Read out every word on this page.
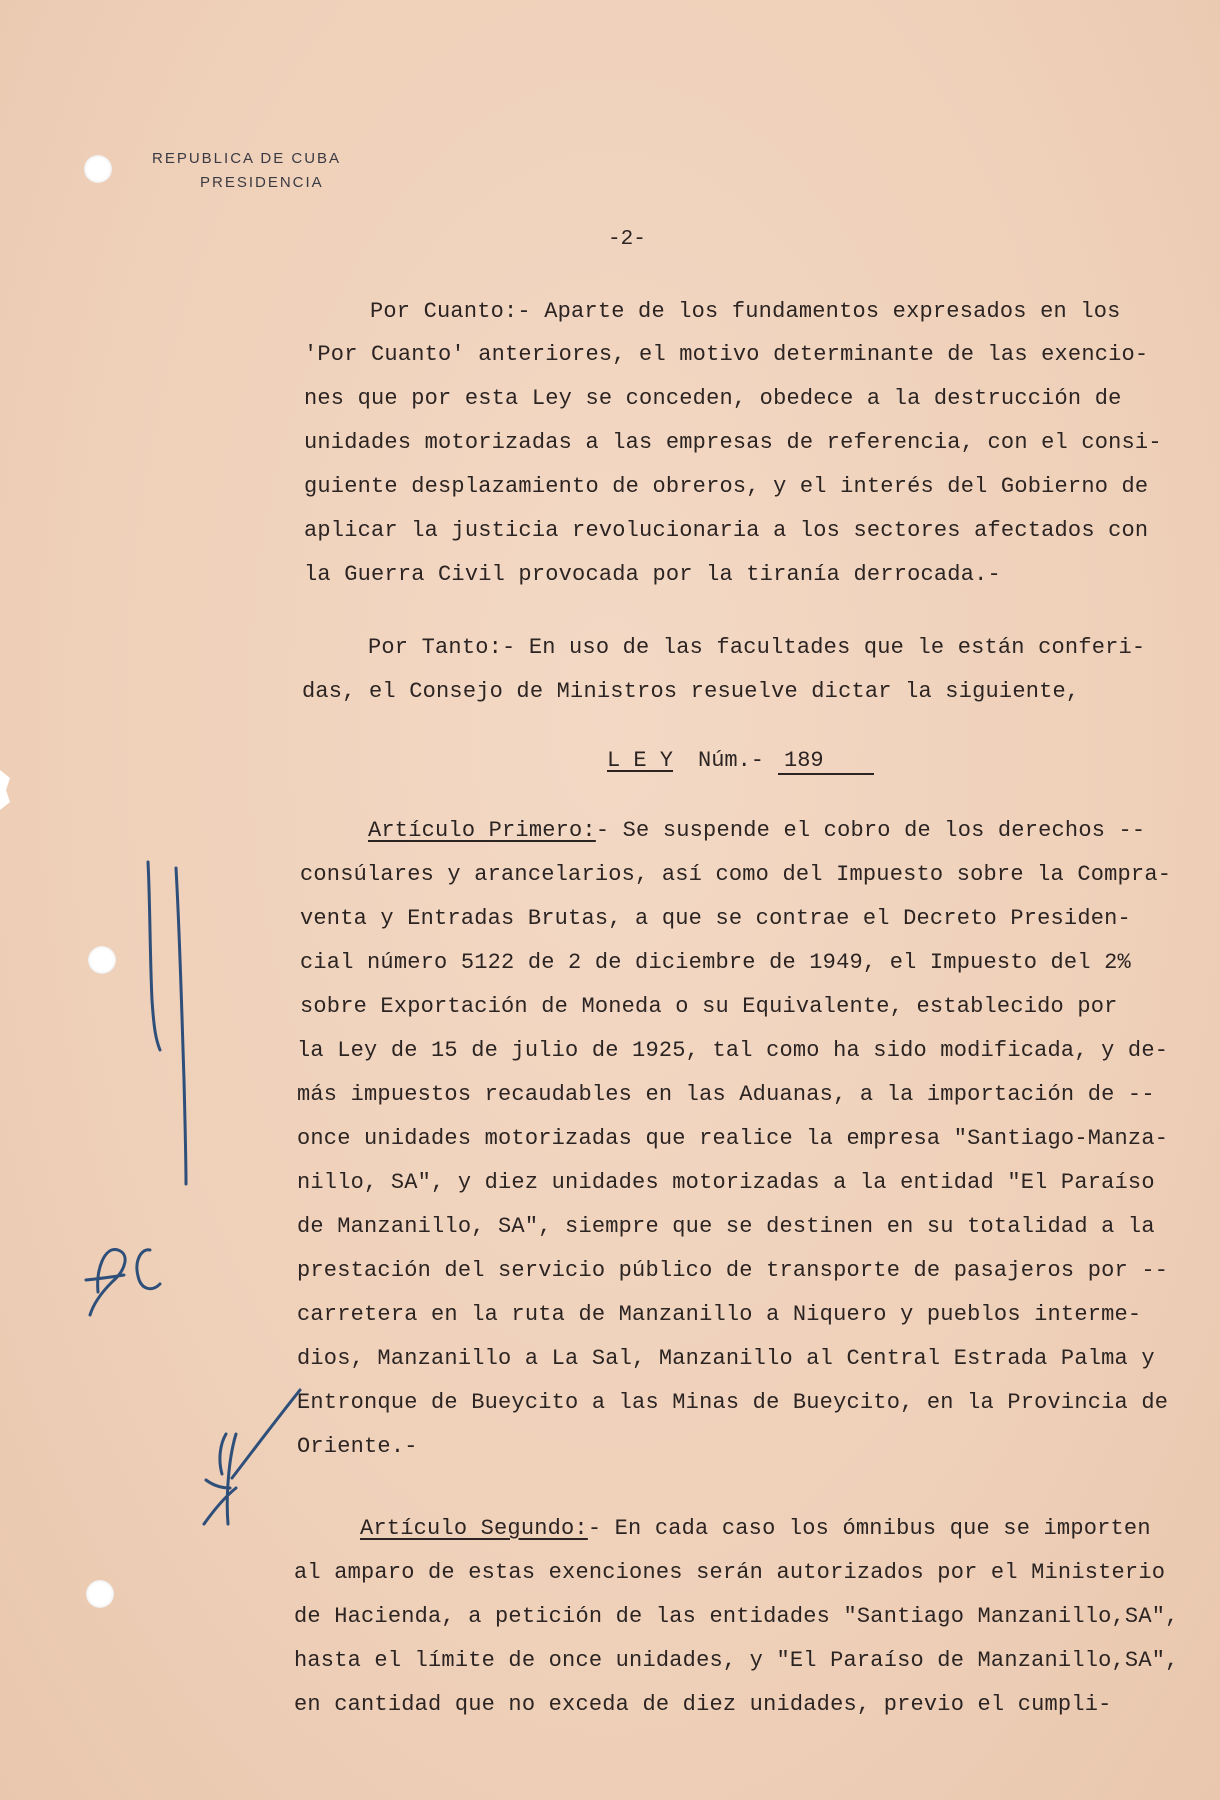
REPUBLICA DE CUBA
PRESIDENCIA
-2-
Por Cuanto:- Aparte de los fundamentos expresados en los
'Por Cuanto' anteriores, el motivo determinante de las exencio-
nes que por esta Ley se conceden, obedece a la destrucción de
unidades motorizadas a las empresas de referencia, con el consi-
guiente desplazamiento de obreros, y el interés del Gobierno de
aplicar la justicia revolucionaria a los sectores afectados con
la Guerra Civil provocada por la tiranía derrocada.-
Por Tanto:- En uso de las facultades que le están conferi-
das, el Consejo de Ministros resuelve dictar la siguiente,
L E Y Núm.- 189
Artículo Primero:- Se suspende el cobro de los derechos --
consúlares y arancelarios, así como del Impuesto sobre la Compra-
venta y Entradas Brutas, a que se contrae el Decreto Presiden-
cial número 5122 de 2 de diciembre de 1949, el Impuesto del 2%
sobre Exportación de Moneda o su Equivalente, establecido por
la Ley de 15 de julio de 1925, tal como ha sido modificada, y de-
más impuestos recaudables en las Aduanas, a la importación de --
once unidades motorizadas que realice la empresa "Santiago-Manza-
nillo, SA", y diez unidades motorizadas a la entidad "El Paraíso
de Manzanillo, SA", siempre que se destinen en su totalidad a la
prestación del servicio público de transporte de pasajeros por --
carretera en la ruta de Manzanillo a Niquero y pueblos interme-
dios, Manzanillo a La Sal, Manzanillo al Central Estrada Palma y
Entronque de Bueycito a las Minas de Bueycito, en la Provincia de
Oriente.-
Artículo Segundo:- En cada caso los ómnibus que se importen
al amparo de estas exenciones serán autorizados por el Ministerio
de Hacienda, a petición de las entidades "Santiago Manzanillo,SA",
hasta el límite de once unidades, y "El Paraíso de Manzanillo,SA",
en cantidad que no exceda de diez unidades, previo el cumpli-
